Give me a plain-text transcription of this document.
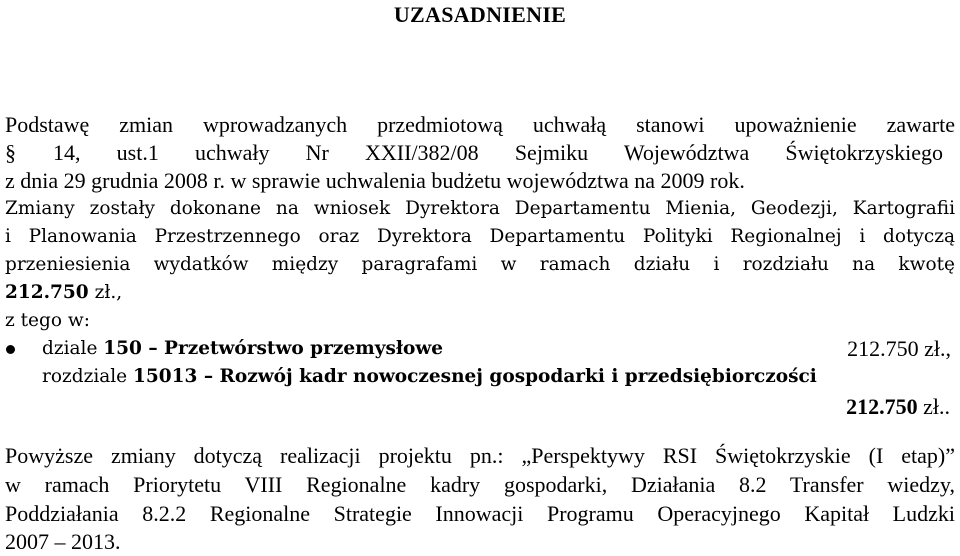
UZASADNIENIE
Podstawę zmian wprowadzanych przedmiotową uchwałą stanowi upoważnienie zawarte
§ 14, ust.1 uchwały Nr XXII/382/08 Sejmiku Województwa Świętokrzyskiego
z dnia 29 grudnia 2008 r. w sprawie uchwalenia budżetu województwa na 2009 rok.
Zmiany zostały dokonane na wniosek Dyrektora Departamentu Mienia, Geodezji, Kartografii
i Planowania Przestrzennego oraz Dyrektora Departamentu Polityki Regionalnej i dotyczą
przeniesienia wydatków między paragrafami w ramach działu i rozdziału na kwotę
212.750 zł.,
z tego w:
dziale 150 – Przetwórstwo przemysłowe	212.750 zł.,
rozdziale 15013 – Rozwój kadr nowoczesnej gospodarki i przedsiębiorczości
212.750 zł..
Powyższe zmiany dotyczą realizacji projektu pn.: „Perspektywy RSI Świętokrzyskie (I etap)”
w ramach Priorytetu VIII Regionalne kadry gospodarki, Działania 8.2 Transfer wiedzy,
Poddziałania 8.2.2 Regionalne Strategie Innowacji Programu Operacyjnego Kapitał Ludzki
2007 – 2013.
